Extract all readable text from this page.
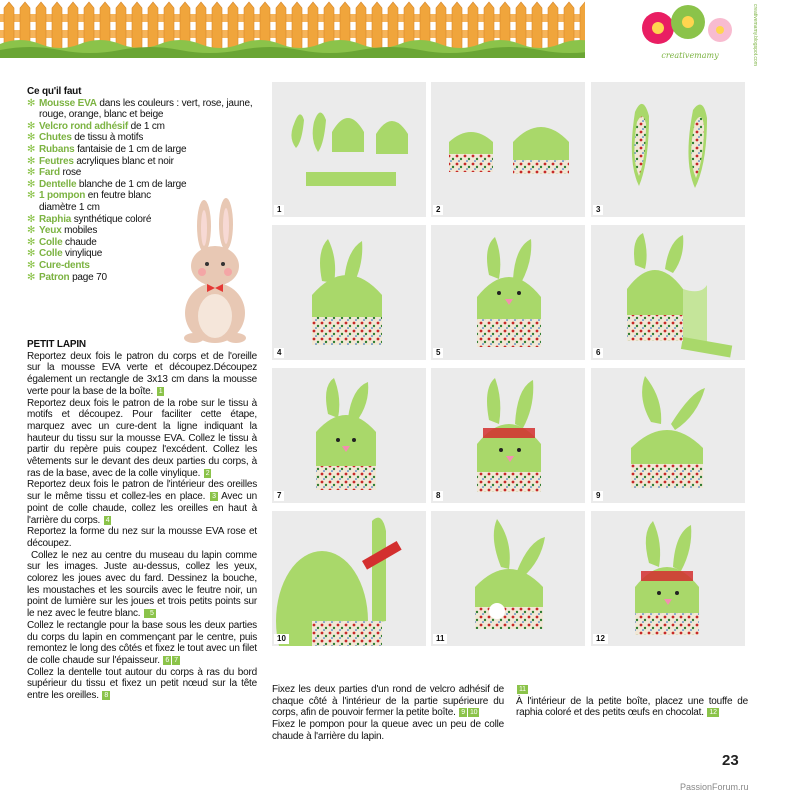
creativemamy	creativemamy.blogspot.com
Ce qu'il faut
✻ Mousse EVA dans les couleurs : vert, rose, jaune, rouge, orange, blanc et beige
✻ Velcro rond adhésif de 1 cm
✻ Chutes de tissu à motifs
✻ Rubans fantaisie de 1 cm de large
✻ Feutres acryliques blanc et noir
✻ Fard rose
✻ Dentelle blanche de 1 cm de large
✻ 1 pompon en feutre blanc diamètre 1 cm
✻ Raphia synthétique coloré
✻ Yeux mobiles
✻ Colle chaude
✻ Colle vinylique
✻ Cure-dents
✻ Patron page 70
PETIT LAPIN
Reportez deux fois le patron du corps et de l'oreille sur la mousse EVA verte et découpez.Découpez également un rectangle de 3x13 cm dans la mousse verte pour la base de la boîte. 1
Reportez deux fois le patron de la robe sur le tissu à motifs et découpez. Pour faciliter cette étape, marquez avec un cure-dent la ligne indiquant la hauteur du tissu sur la mousse EVA. Collez le tissu à partir du repère puis coupez l'excédent. Collez les vêtements sur le devant des deux parties du corps, à ras de la base, avec de la colle vinylique. 2
Reportez deux fois le patron de l'intérieur des oreilles sur le même tissu et collez-les en place. 3 Avec un point de colle chaude, collez les oreilles en haut à l'arrière du corps. 4
Reportez la forme du nez sur la mousse EVA rose et découpez.
Collez le nez au centre du museau du lapin comme sur les images. Juste au-dessus, collez les yeux, colorez les joues avec du fard. Dessinez la bouche, les moustaches et les sourcils avec le feutre noir, un point de lumière sur les joues et trois petits points sur le nez avec le feutre blanc. 5
Collez le rectangle pour la base sous les deux parties du corps du lapin en commençant par le centre, puis remontez le long des côtés et fixez le tout avec un filet de colle chaude sur l'épaisseur. 6 7
Collez la dentelle tout autour du corps à ras du bord supérieur du tissu et fixez un petit nœud sur la tête entre les oreilles. 8
Fixez les deux parties d'un rond de velcro adhésif de chaque côté à l'intérieur de la partie supérieure du corps, afin de pouvoir fermer la petite boîte. 9 10
Fixez le pompon pour la queue avec un peu de colle chaude à l'arrière du lapin.
11
À l'intérieur de la petite boîte, placez une touffe de raphia coloré et des petits œufs en chocolat. 12
1	2	3
4	5	6
7	8	9
10	11	12
23
PassionForum.ru
